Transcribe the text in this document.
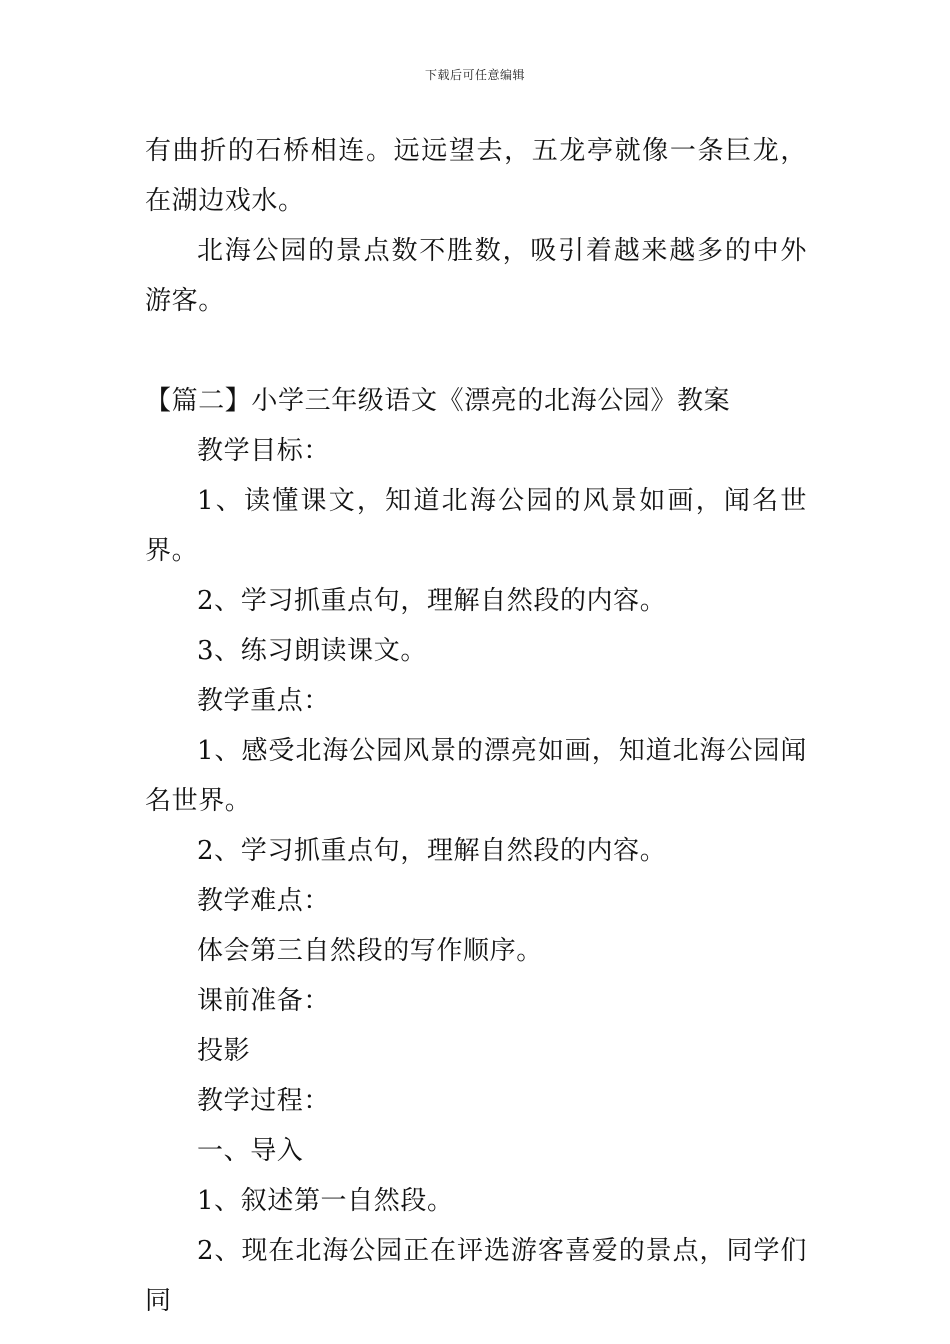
下载后可任意编辑

有曲折的石桥相连。远远望去，五龙亭就像一条巨龙，在湖边戏水。

北海公园的景点数不胜数，吸引着越来越多的中外游客。

【篇二】小学三年级语文《漂亮的北海公园》教案

教学目标：

1、读懂课文，知道北海公园的风景如画，闻名世界。

2、学习抓重点句，理解自然段的内容。

3、练习朗读课文。

教学重点：

1、感受北海公园风景的漂亮如画，知道北海公园闻名世界。

2、学习抓重点句，理解自然段的内容。

教学难点：

体会第三自然段的写作顺序。

课前准备：

投影

教学过程：

一、导入

1、叙述第一自然段。

2、现在北海公园正在评选游客喜爱的景点，同学们同
